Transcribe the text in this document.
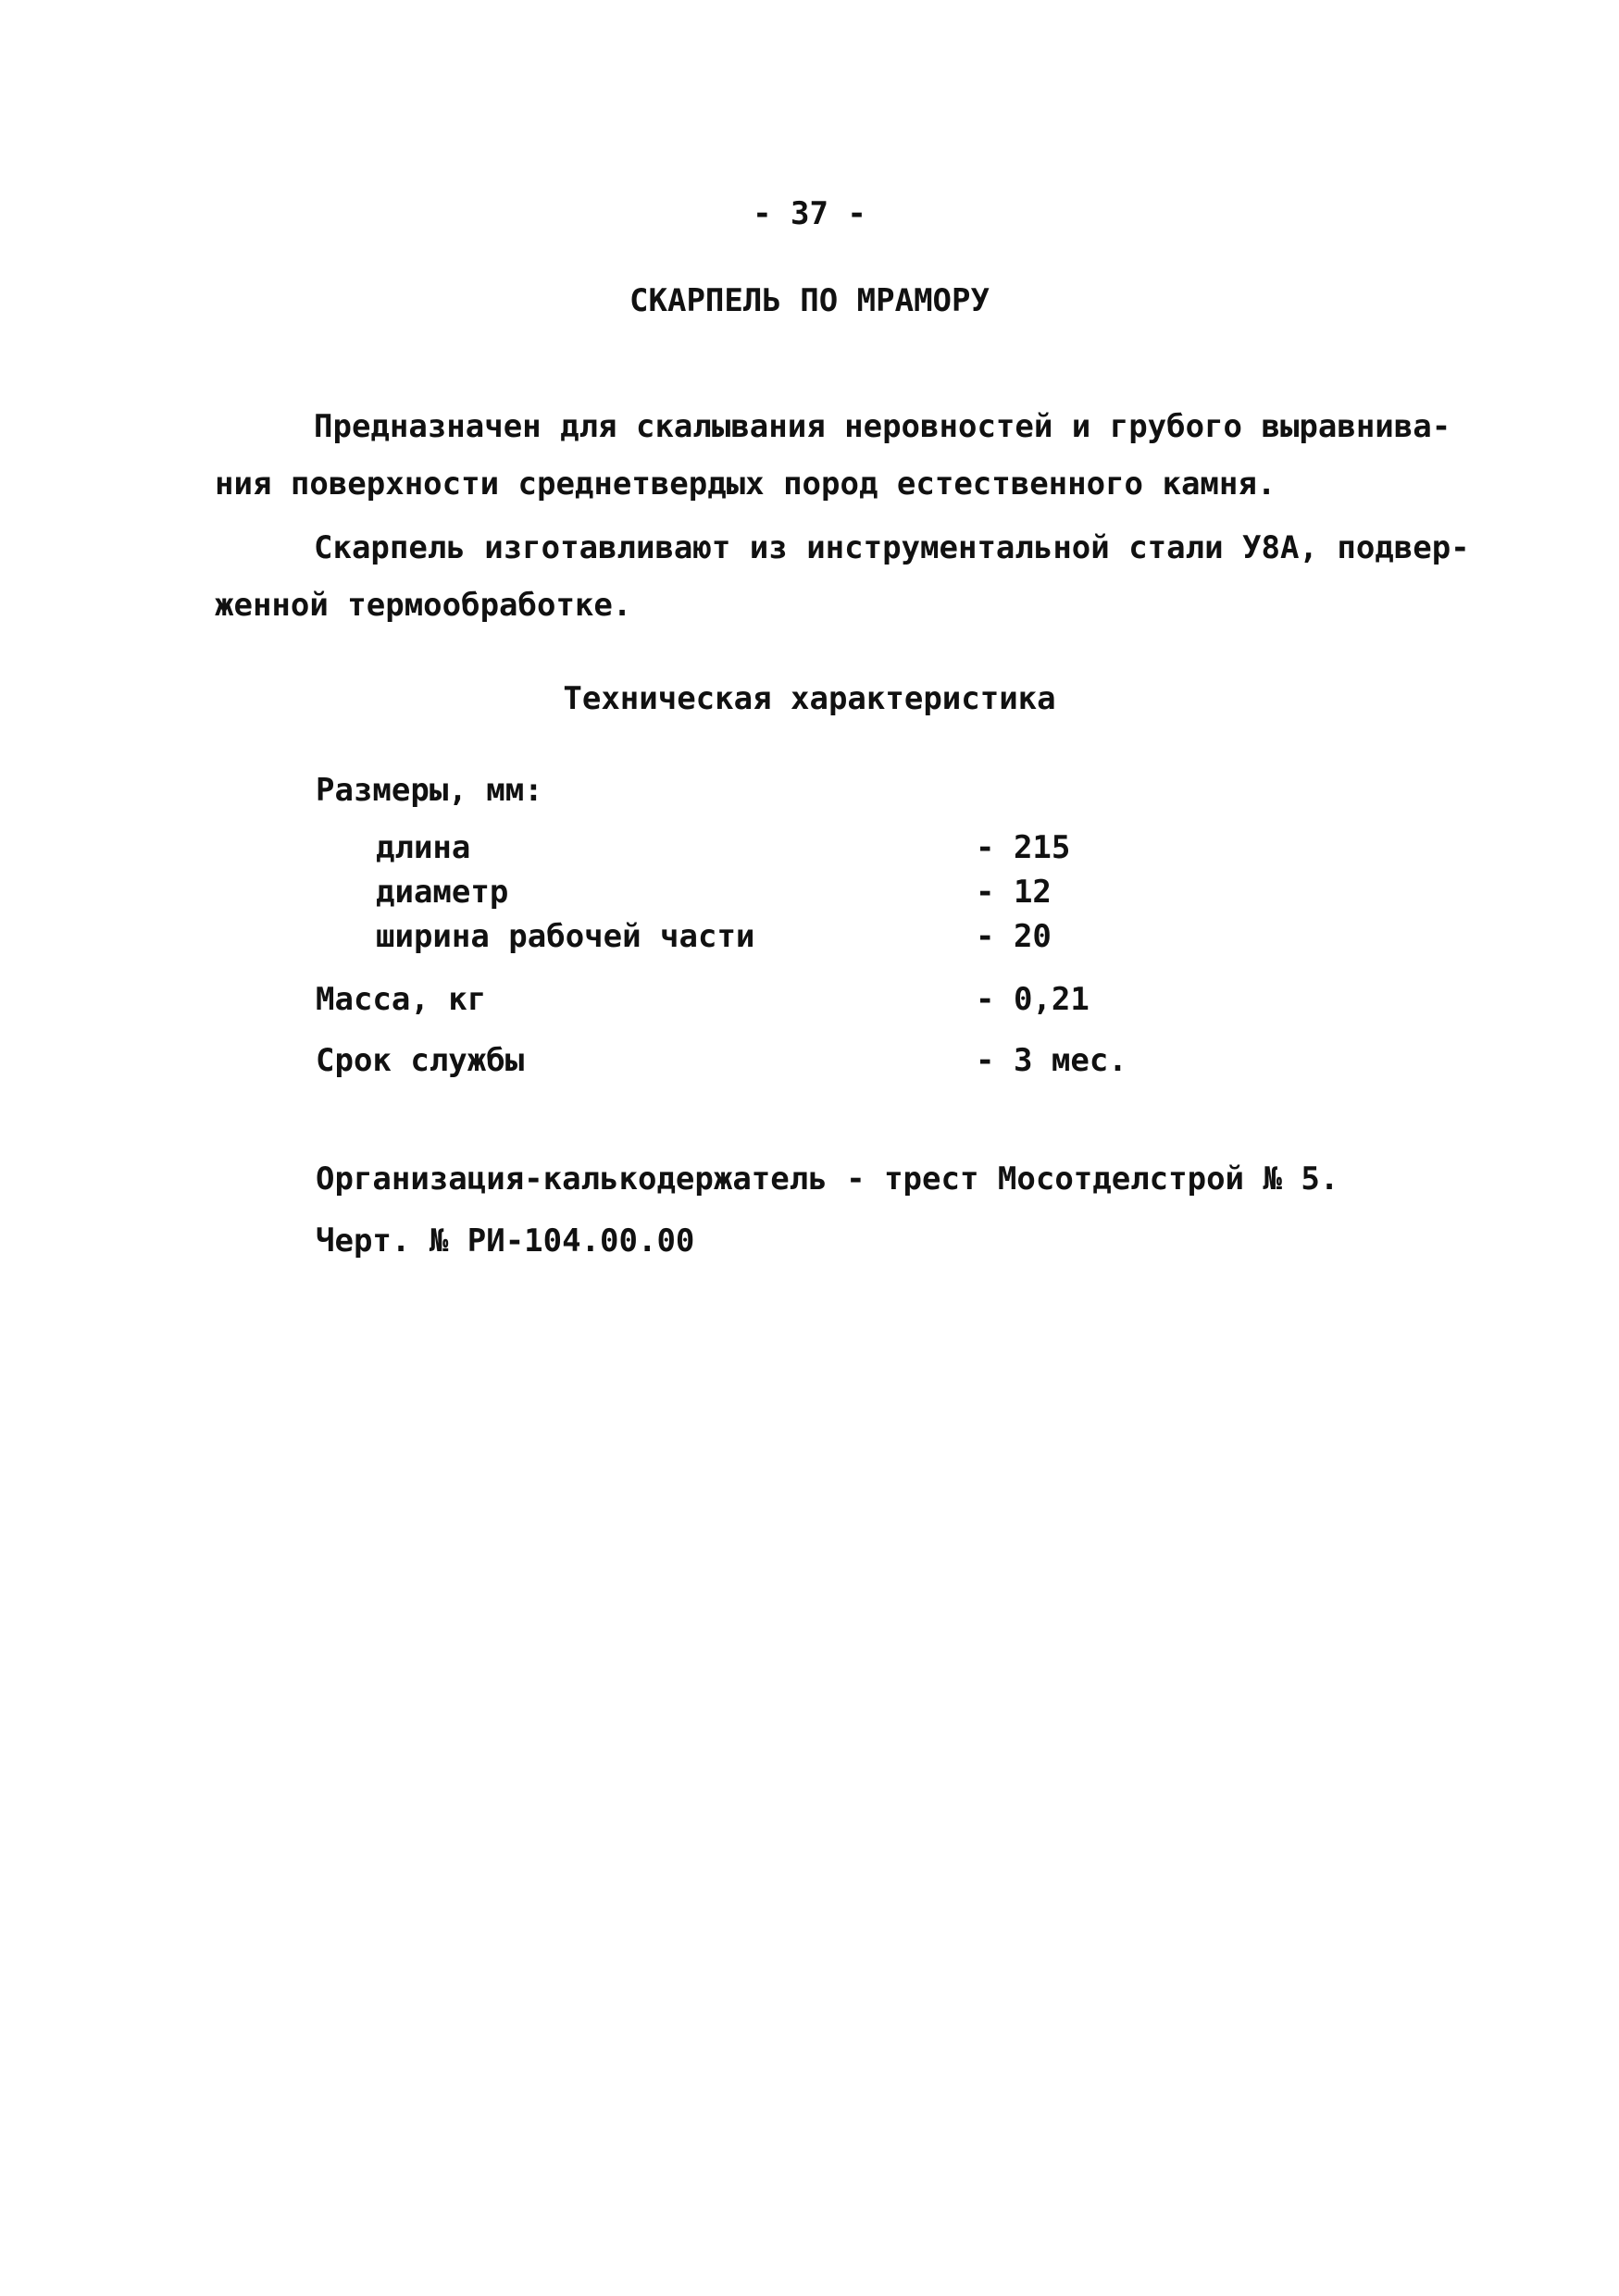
- 37 -
СКАРПЕЛЬ ПО МРАМОРУ
Предназначен для скалывания неровностей и грубого выравнива-
ния поверхности среднетвердых пород естественного камня.
Скарпель изготавливают из инструментальной стали У8А, подвер-
женной термообработке.
Техническая характеристика
Размеры, мм:
длина	- 215
диаметр	- 12
ширина рабочей части	- 20
Масса, кг	- 0,21
Срок службы	- 3 мес.
Организация-калькодержатель - трест Мосотделстрой № 5.
Черт. № РИ-104.00.00
